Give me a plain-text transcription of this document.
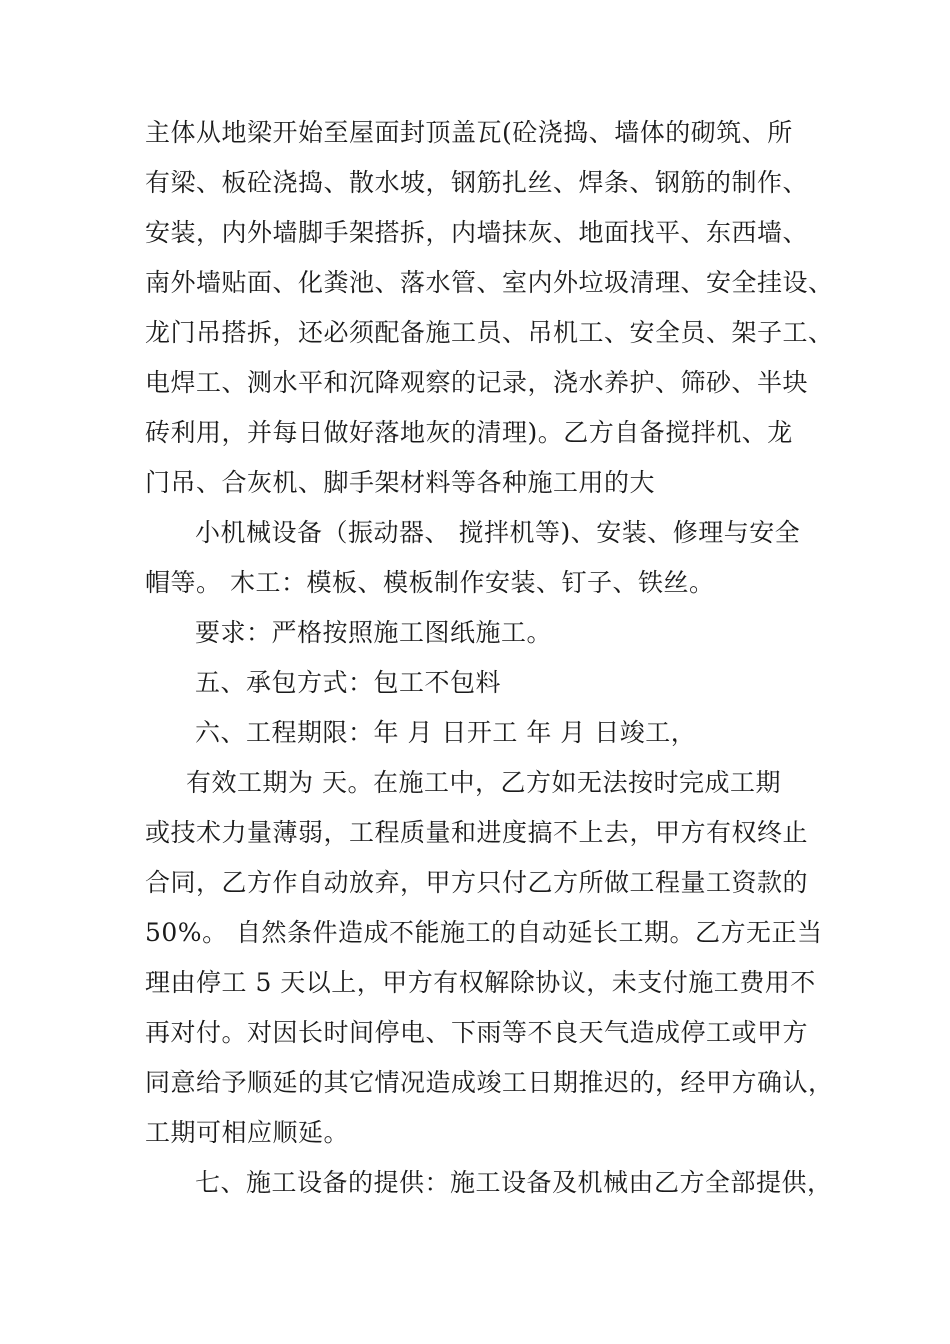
主体从地梁开始至屋面封顶盖瓦(砼浇捣、墙体的砌筑、所
有梁、板砼浇捣、散水坡，钢筋扎丝、焊条、钢筋的制作、
安装，内外墙脚手架搭拆，内墙抹灰、地面找平、东西墙、
南外墙贴面、化粪池、落水管、室内外垃圾清理、安全挂设、
龙门吊搭拆，还必须配备施工员、吊机工、安全员、架子工、
电焊工、测水平和沉降观察的记录，浇水养护、筛砂、半块
砖利用，并每日做好落地灰的清理)。乙方自备搅拌机、龙
门吊、合灰机、脚手架材料等各种施工用的大
小机械设备（振动器、 搅拌机等)、安装、修理与安全
帽等。 木工：模板、模板制作安装、钉子、铁丝。
要求：严格按照施工图纸施工。
五、承包方式：包工不包料
六、工程期限：年 月 日开工 年 月 日竣工，
有效工期为 天。在施工中，乙方如无法按时完成工期
或技术力量薄弱，工程质量和进度搞不上去，甲方有权终止
合同，乙方作自动放弃，甲方只付乙方所做工程量工资款的
50%。 自然条件造成不能施工的自动延长工期。乙方无正当
理由停工 5 天以上，甲方有权解除协议，未支付施工费用不
再对付。对因长时间停电、下雨等不良天气造成停工或甲方
同意给予顺延的其它情况造成竣工日期推迟的，经甲方确认，
工期可相应顺延。
七、施工设备的提供：施工设备及机械由乙方全部提供，
